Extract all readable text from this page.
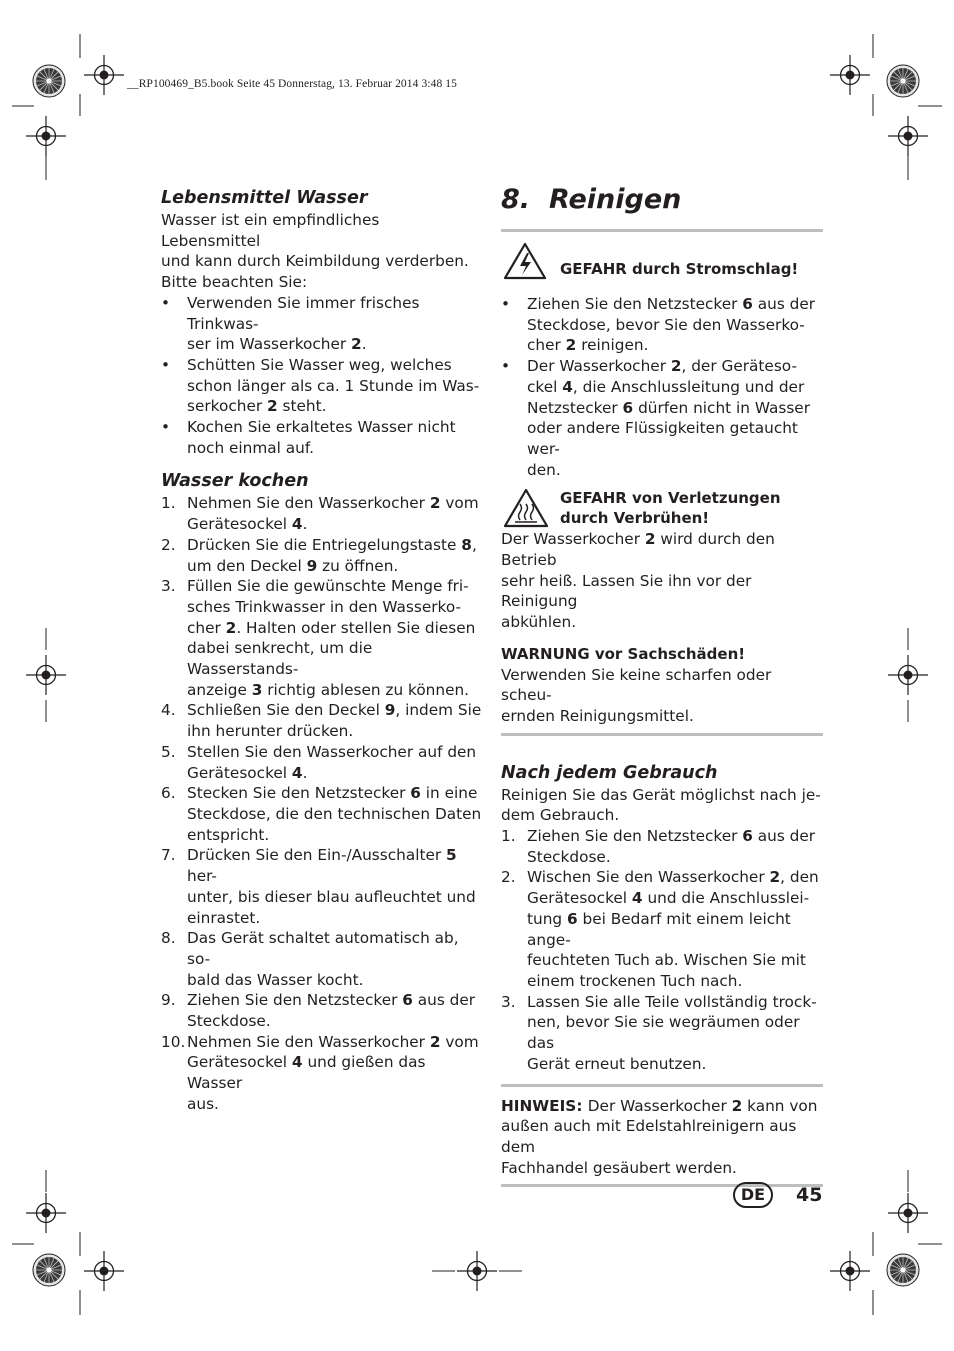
__RP100469_B5.book Seite 45 Donnerstag, 13. Februar 2014 3:48 15
Lebensmittel Wasser

Wasser ist ein empfindliches Lebensmittel

und kann durch Keimbildung verderben.

Bitte beachten Sie:

• Verwenden Sie immer frisches Trinkwas-
ser im Wasserkocher 2.
• Schütten Sie Wasser weg, welches
schon länger als ca. 1 Stunde im Was-
serkocher 2 steht.
• Kochen Sie erkaltetes Wasser nicht
noch einmal auf.
Wasser kochen
1. Nehmen Sie den Wasserkocher 2 vom
Gerätesockel 4.
2. Drücken Sie die Entriegelungstaste 8,
um den Deckel 9 zu öffnen.
3. Füllen Sie die gewünschte Menge fri-
sches Trinkwasser in den Wasserko-
cher 2. Halten oder stellen Sie diesen
dabei senkrecht, um die Wasserstands-
anzeige 3 richtig ablesen zu können.
4. Schließen Sie den Deckel 9, indem Sie
ihn herunter drücken.
5. Stellen Sie den Wasserkocher auf den
Gerätesockel 4.
6. Stecken Sie den Netzstecker 6 in eine
Steckdose, die den technischen Daten
entspricht.
7. Drücken Sie den Ein-/Ausschalter 5 her-
unter, bis dieser blau aufleuchtet und
einrastet.
8. Das Gerät schaltet automatisch ab, so-
bald das Wasser kocht.
9. Ziehen Sie den Netzstecker 6 aus der
Steckdose.
10. Nehmen Sie den Wasserkocher 2 vom
Gerätesockel 4 und gießen das Wasser
aus.
8. Reinigen
GEFAHR durch Stromschlag!
• Ziehen Sie den Netzstecker 6 aus der
Steckdose, bevor Sie den Wasserko-
cher 2 reinigen.
• Der Wasserkocher 2, der Geräteso-
ckel 4, die Anschlussleitung und der
Netzstecker 6 dürfen nicht in Wasser
oder andere Flüssigkeiten getaucht wer-
den.
GEFAHR von Verletzungen
durch Verbrühen!
Der Wasserkocher 2 wird durch den Betrieb
sehr heiß. Lassen Sie ihn vor der Reinigung
abkühlen.
WARNUNG vor Sachschäden!

Verwenden Sie keine scharfen oder scheu-

ernden Reinigungsmittel.

Nach jedem Gebrauch

Reinigen Sie das Gerät möglichst nach je-

dem Gebrauch.

1. Ziehen Sie den Netzstecker 6 aus der
Steckdose.
2. Wischen Sie den Wasserkocher 2, den
Gerätesockel 4 und die Anschlusslei-
tung 6 bei Bedarf mit einem leicht ange-
feuchteten Tuch ab. Wischen Sie mit
einem trockenen Tuch nach.
3. Lassen Sie alle Teile vollständig trock-
nen, bevor Sie sie wegräumen oder das
Gerät erneut benutzen.
HINWEIS: Der Wasserkocher 2 kann von
außen auch mit Edelstahlreinigern aus dem
Fachhandel gesäubert werden.
DE	45
